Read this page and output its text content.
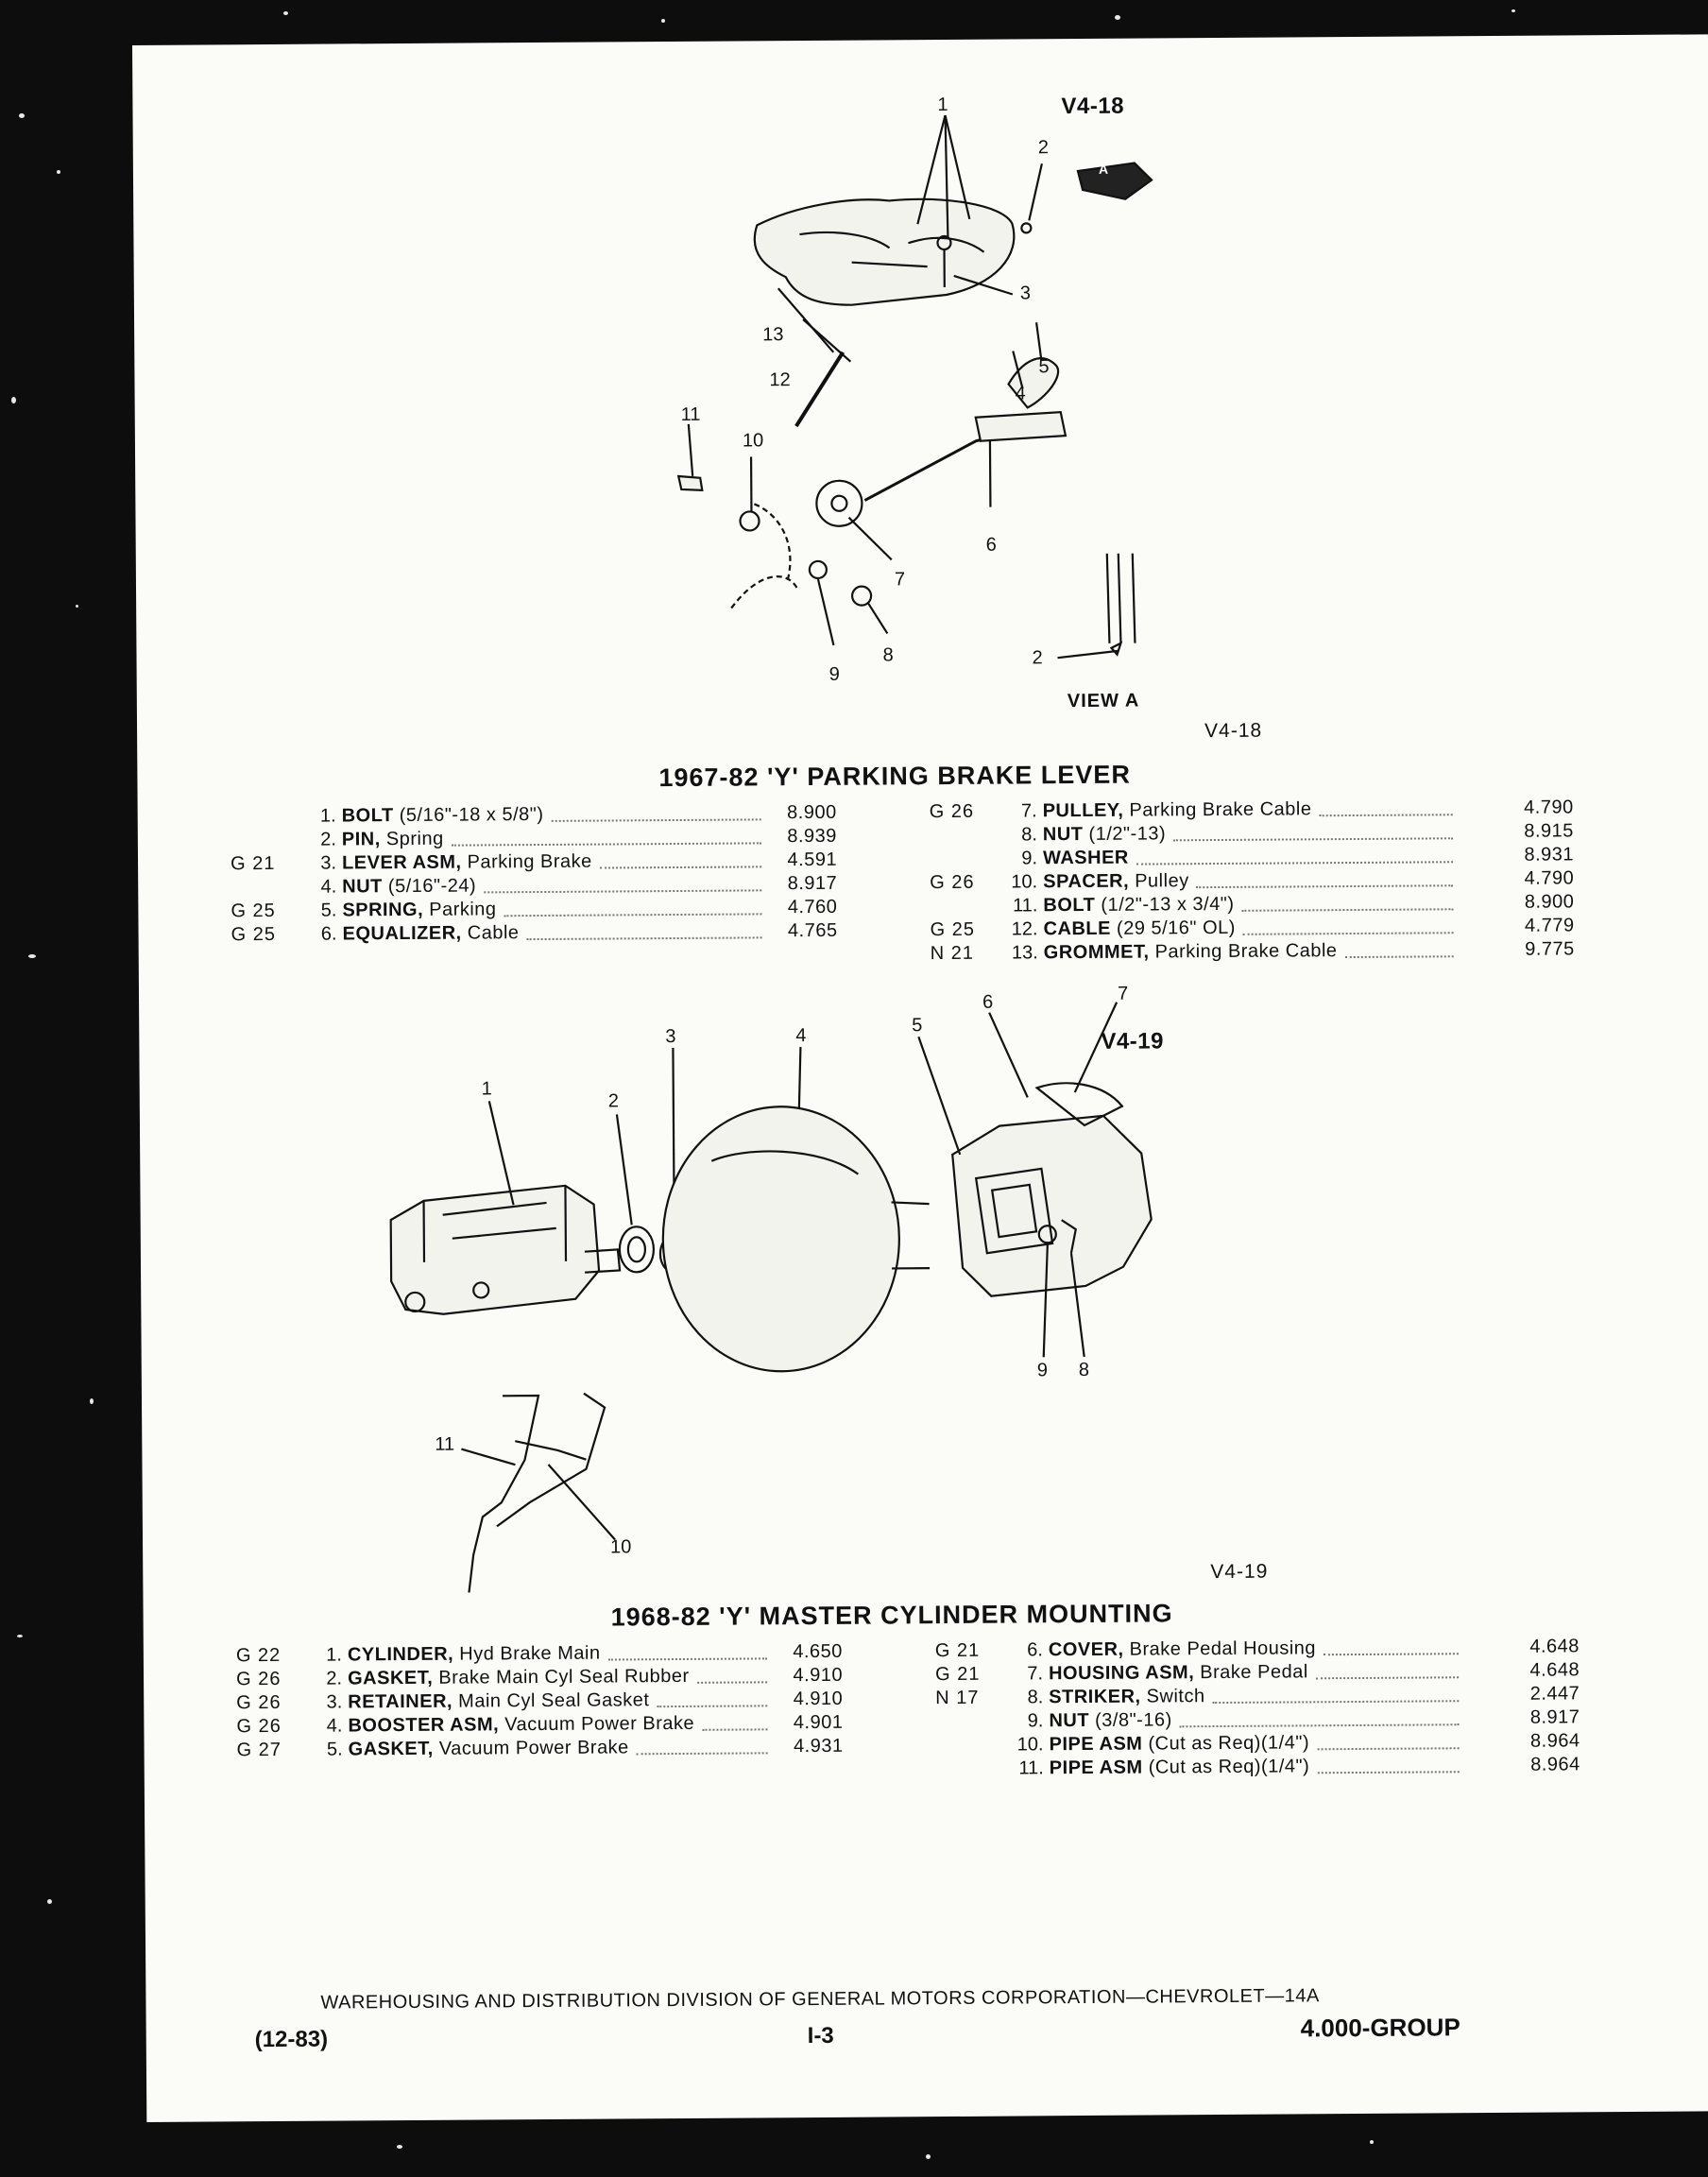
V4-18
1
2
3
4
5
6
7
8
9
10
11
12
13
2
A
VIEW A
V4-18
1967-82 'Y' PARKING BRAKE LEVER
1. BOLT (5/16"-18 x 5/8")	8.900
2. PIN, Spring	8.939
G 21	3. LEVER ASM, Parking Brake	4.591
4. NUT (5/16"-24)	8.917
G 25	5. SPRING, Parking	4.760
G 25	6. EQUALIZER, Cable	4.765
G 26	7. PULLEY, Parking Brake Cable	4.790
8. NUT (1/2"-13)	8.915
9. WASHER	8.931
G 26	10. SPACER, Pulley	4.790
11. BOLT (1/2"-13 x 3/4")	8.900
G 25	12. CABLE (29 5/16" OL)	4.779
N 21	13. GROMMET, Parking Brake Cable	9.775
V4-19
1
2
3	4	5
6	7
8
9
10
11
V4-19
1968-82 'Y' MASTER CYLINDER MOUNTING
G 22	1. CYLINDER, Hyd Brake Main	4.650
G 26	2. GASKET, Brake Main Cyl Seal Rubber	4.910
G 26	3. RETAINER, Main Cyl Seal Gasket	4.910
G 26	4. BOOSTER ASM, Vacuum Power Brake	4.901
G 27	5. GASKET, Vacuum Power Brake	4.931
G 21	6. COVER, Brake Pedal Housing	4.648
G 21	7. HOUSING ASM, Brake Pedal	4.648
N 17	8. STRIKER, Switch	2.447
9. NUT (3/8"-16)	8.917
10. PIPE ASM (Cut as Req)(1/4")	8.964
11. PIPE ASM (Cut as Req)(1/4")	8.964
WAREHOUSING AND DISTRIBUTION DIVISION OF GENERAL MOTORS CORPORATION—CHEVROLET—14A
(12-83)	I-3	4.000-GROUP
